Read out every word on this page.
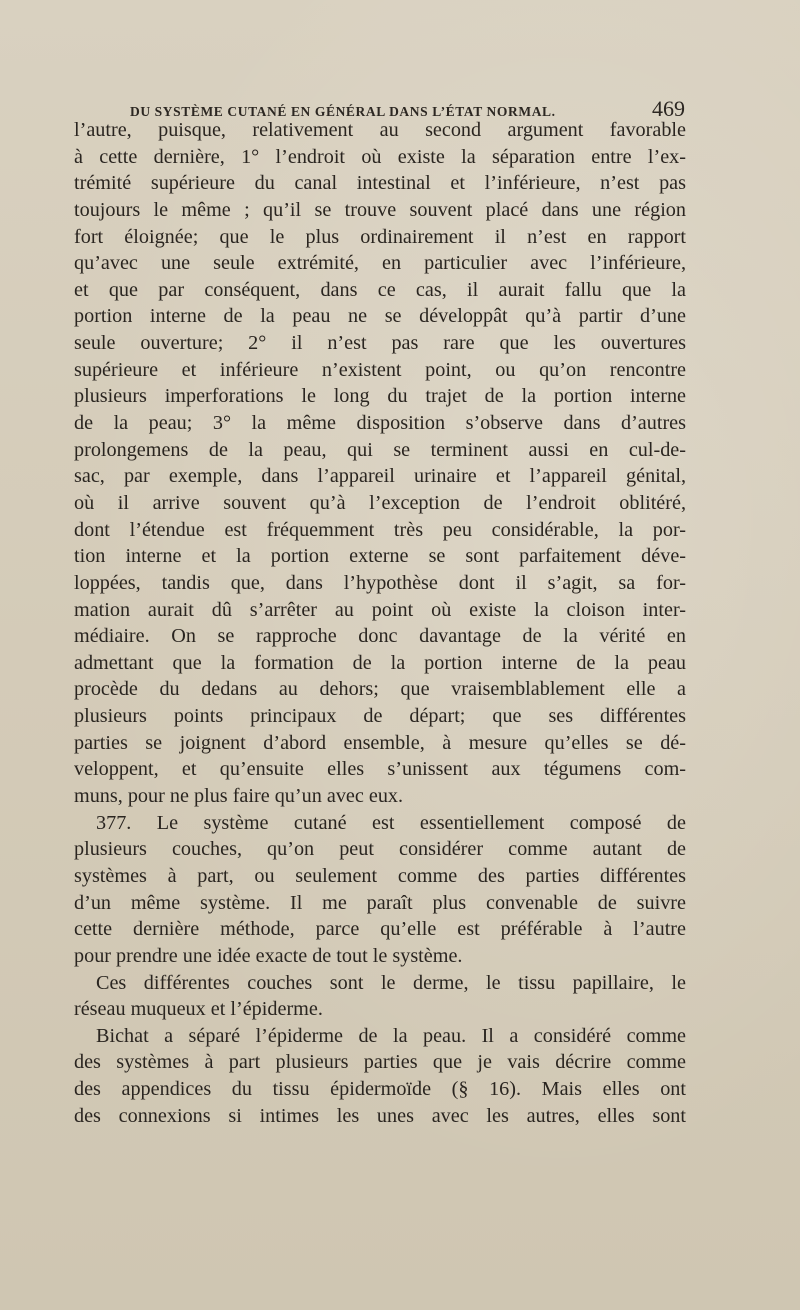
DU SYSTÈME CUTANÉ EN GÉNÉRAL DANS L’ÉTAT NORMAL.	469
l’autre, puisque, relativement au second argument favorable
à cette dernière, 1° l’endroit où existe la séparation entre l’ex-
trémité supérieure du canal intestinal et l’inférieure, n’est pas
toujours le même ; qu’il se trouve souvent placé dans une région
fort éloignée; que le plus ordinairement il n’est en rapport
qu’avec une seule extrémité, en particulier avec l’inférieure,
et que par conséquent, dans ce cas, il aurait fallu que la
portion interne de la peau ne se développât qu’à partir d’une
seule ouverture; 2° il n’est pas rare que les ouvertures
supérieure et inférieure n’existent point, ou qu’on rencontre
plusieurs imperforations le long du trajet de la portion interne
de la peau; 3° la même disposition s’observe dans d’autres
prolongemens de la peau, qui se terminent aussi en cul-de-
sac, par exemple, dans l’appareil urinaire et l’appareil génital,
où il arrive souvent qu’à l’exception de l’endroit oblitéré,
dont l’étendue est fréquemment très peu considérable, la por-
tion interne et la portion externe se sont parfaitement déve-
loppées, tandis que, dans l’hypothèse dont il s’agit, sa for-
mation aurait dû s’arrêter au point où existe la cloison inter-
médiaire. On se rapproche donc davantage de la vérité en
admettant que la formation de la portion interne de la peau
procède du dedans au dehors; que vraisemblablement elle a
plusieurs points principaux de départ; que ses différentes
parties se joignent d’abord ensemble, à mesure qu’elles se dé-
veloppent, et qu’ensuite elles s’unissent aux tégumens com-
muns, pour ne plus faire qu’un avec eux.
377. Le système cutané est essentiellement composé de
plusieurs couches, qu’on peut considérer comme autant de
systèmes à part, ou seulement comme des parties différentes
d’un même système. Il me paraît plus convenable de suivre
cette dernière méthode, parce qu’elle est préférable à l’autre
pour prendre une idée exacte de tout le système.
Ces différentes couches sont le derme, le tissu papillaire, le
réseau muqueux et l’épiderme.
Bichat a séparé l’épiderme de la peau. Il a considéré comme
des systèmes à part plusieurs parties que je vais décrire comme
des appendices du tissu épidermoïde (§ 16). Mais elles ont
des connexions si intimes les unes avec les autres, elles sont
